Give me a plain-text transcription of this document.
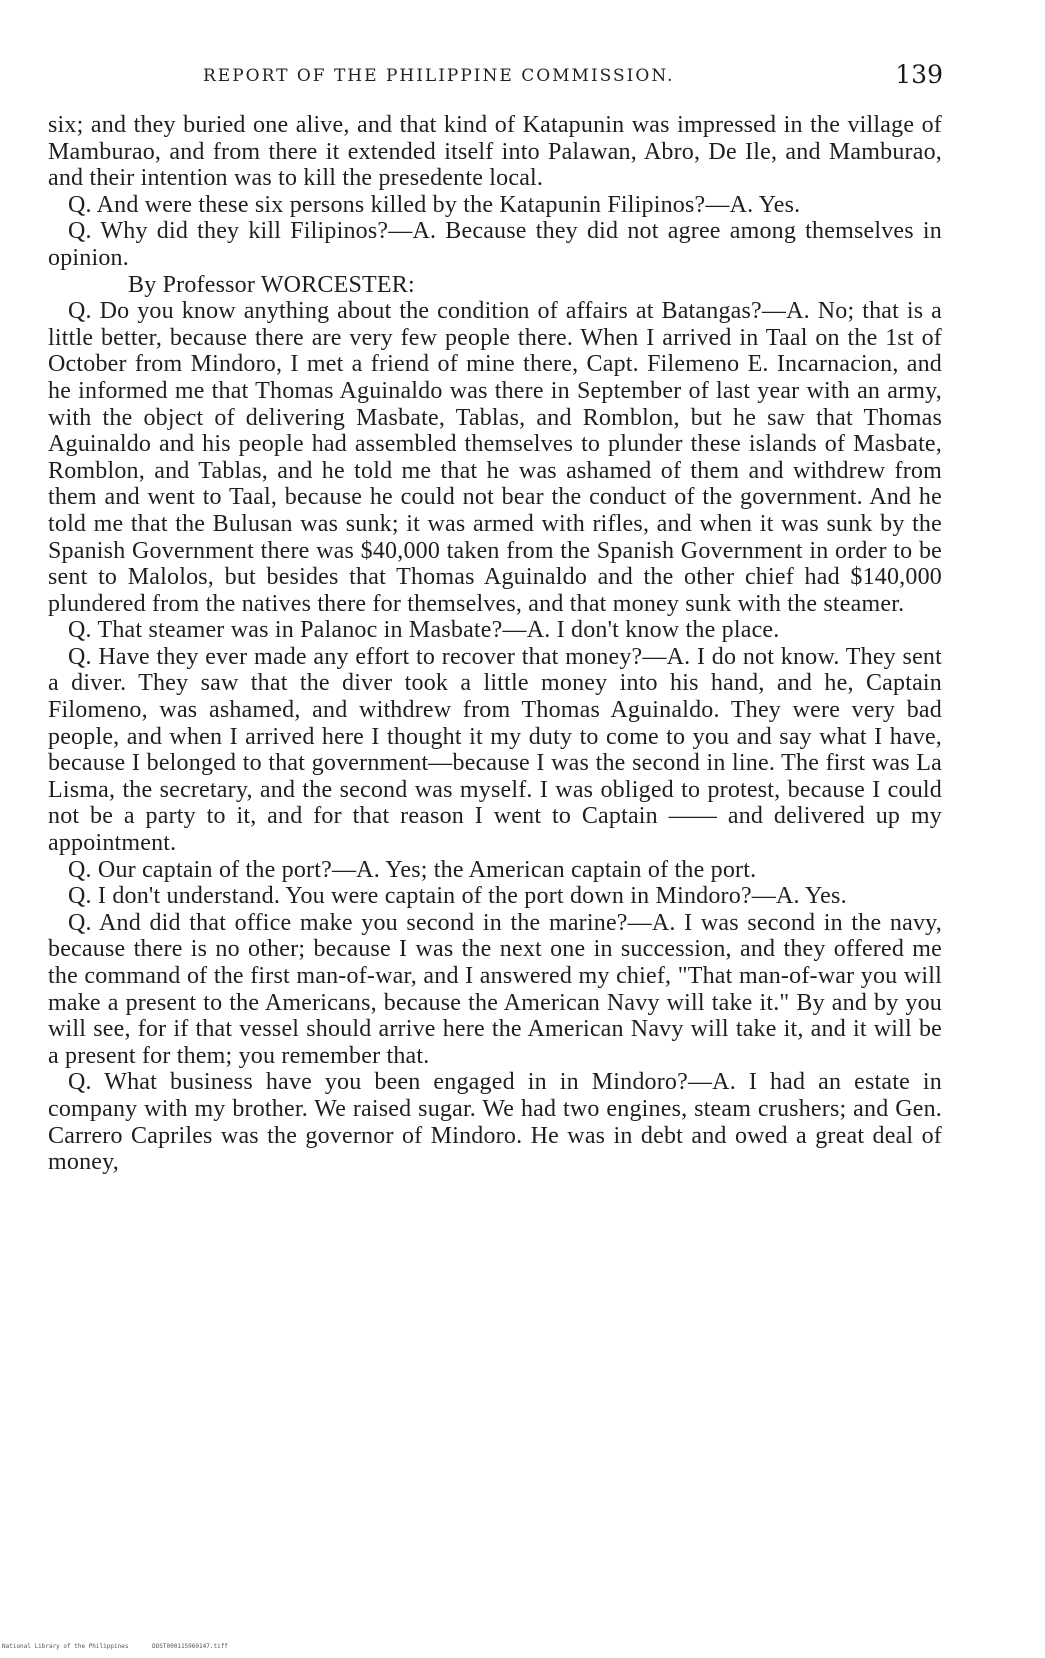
REPORT OF THE PHILIPPINE COMMISSION.	139

six; and they buried one alive, and that kind of Katapunin was impressed in the village of Mamburao, and from there it extended itself into Palawan, Abro, De Ile, and Mamburao, and their intention was to kill the presedente local.

Q. And were these six persons killed by the Katapunin Filipinos?—A. Yes.

Q. Why did they kill Filipinos?—A. Because they did not agree among themselves in opinion.

By Professor WORCESTER:

Q. Do you know anything about the condition of affairs at Batangas?—A. No; that is a little better, because there are very few people there. When I arrived in Taal on the 1st of October from Mindoro, I met a friend of mine there, Capt. Filemeno E. Incarnacion, and he informed me that Thomas Aguinaldo was there in September of last year with an army, with the object of delivering Masbate, Tablas, and Romblon, but he saw that Thomas Aguinaldo and his people had assembled themselves to plunder these islands of Masbate, Romblon, and Tablas, and he told me that he was ashamed of them and withdrew from them and went to Taal, because he could not bear the conduct of the government. And he told me that the Bulusan was sunk; it was armed with rifles, and when it was sunk by the Spanish Government there was $40,000 taken from the Spanish Government in order to be sent to Malolos, but besides that Thomas Aguinaldo and the other chief had $140,000 plundered from the natives there for themselves, and that money sunk with the steamer.

Q. That steamer was in Palanoc in Masbate?—A. I don't know the place.

Q. Have they ever made any effort to recover that money?—A. I do not know. They sent a diver. They saw that the diver took a little money into his hand, and he, Captain Filomeno, was ashamed, and withdrew from Thomas Aguinaldo. They were very bad people, and when I arrived here I thought it my duty to come to you and say what I have, because I belonged to that government—because I was the second in line. The first was La Lisma, the secretary, and the second was myself. I was obliged to protest, because I could not be a party to it, and for that reason I went to Captain —— and delivered up my appointment.

Q. Our captain of the port?—A. Yes; the American captain of the port.

Q. I don't understand. You were captain of the port down in Mindoro?—A. Yes.

Q. And did that office make you second in the marine?—A. I was second in the navy, because there is no other; because I was the next one in succession, and they offered me the command of the first man-of-war, and I answered my chief, "That man-of-war you will make a present to the Americans, because the American Navy will take it." By and by you will see, for if that vessel should arrive here the American Navy will take it, and it will be a present for them; you remember that.

Q. What business have you been engaged in in Mindoro?—A. I had an estate in company with my brother. We raised sugar. We had two engines, steam crushers; and Gen. Carrero Capriles was the governor of Mindoro. He was in debt and owed a great deal of money,

National Library of the Philippines	DOST000115960147.tiff
